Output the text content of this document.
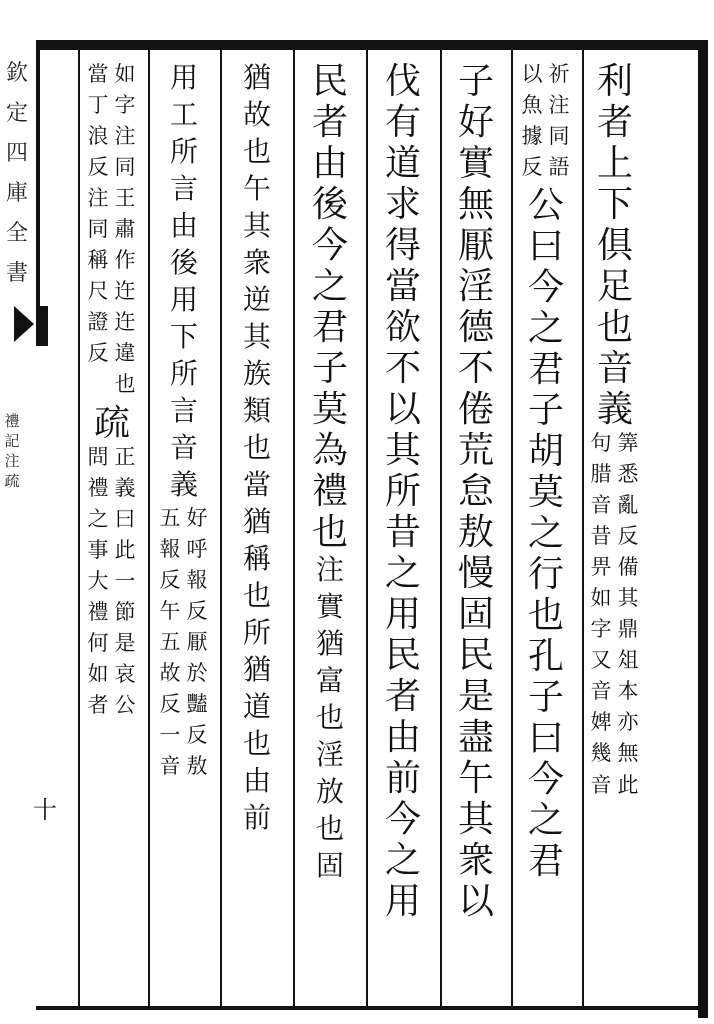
欽
定
四
庫
全
書
禮
記
注
疏
十
利
者
上
下
俱
足
也
音
義
筭
悉
亂
反
備
其
鼎
俎
本
亦
無
此
句
腊
音
昔
畀
如
字
又
音
婢
幾
音
祈
注
同
語
以
魚
據
反
公
曰
今
之
君
子
胡
莫
之
行
也
孔
子
曰
今
之
君
子
好
實
無
厭
淫
德
不
倦
荒
怠
敖
慢
固
民
是
盡
午
其
衆
以
伐
有
道
求
得
當
欲
不
以
其
所
昔
之
用
民
者
由
前
今
之
用
民
者
由
後
今
之
君
子
莫
為
禮
也
注
實
猶
富
也
淫
放
也
固
猶
故
也
午
其
衆
逆
其
族
類
也
當
猶
稱
也
所
猶
道
也
由
前
用
工
所
言
由
後
用
下
所
言
音
義
好
呼
報
反
厭
於
豔
反
敖
五
報
反
午
五
故
反
一
音
如
字
注
同
王
肅
作
迕
迕
違
也
當
丁
浪
反
注
同
稱
尺
證
反
疏
正
義
曰
此
一
節
是
哀
公
問
禮
之
事
大
禮
何
如
者
